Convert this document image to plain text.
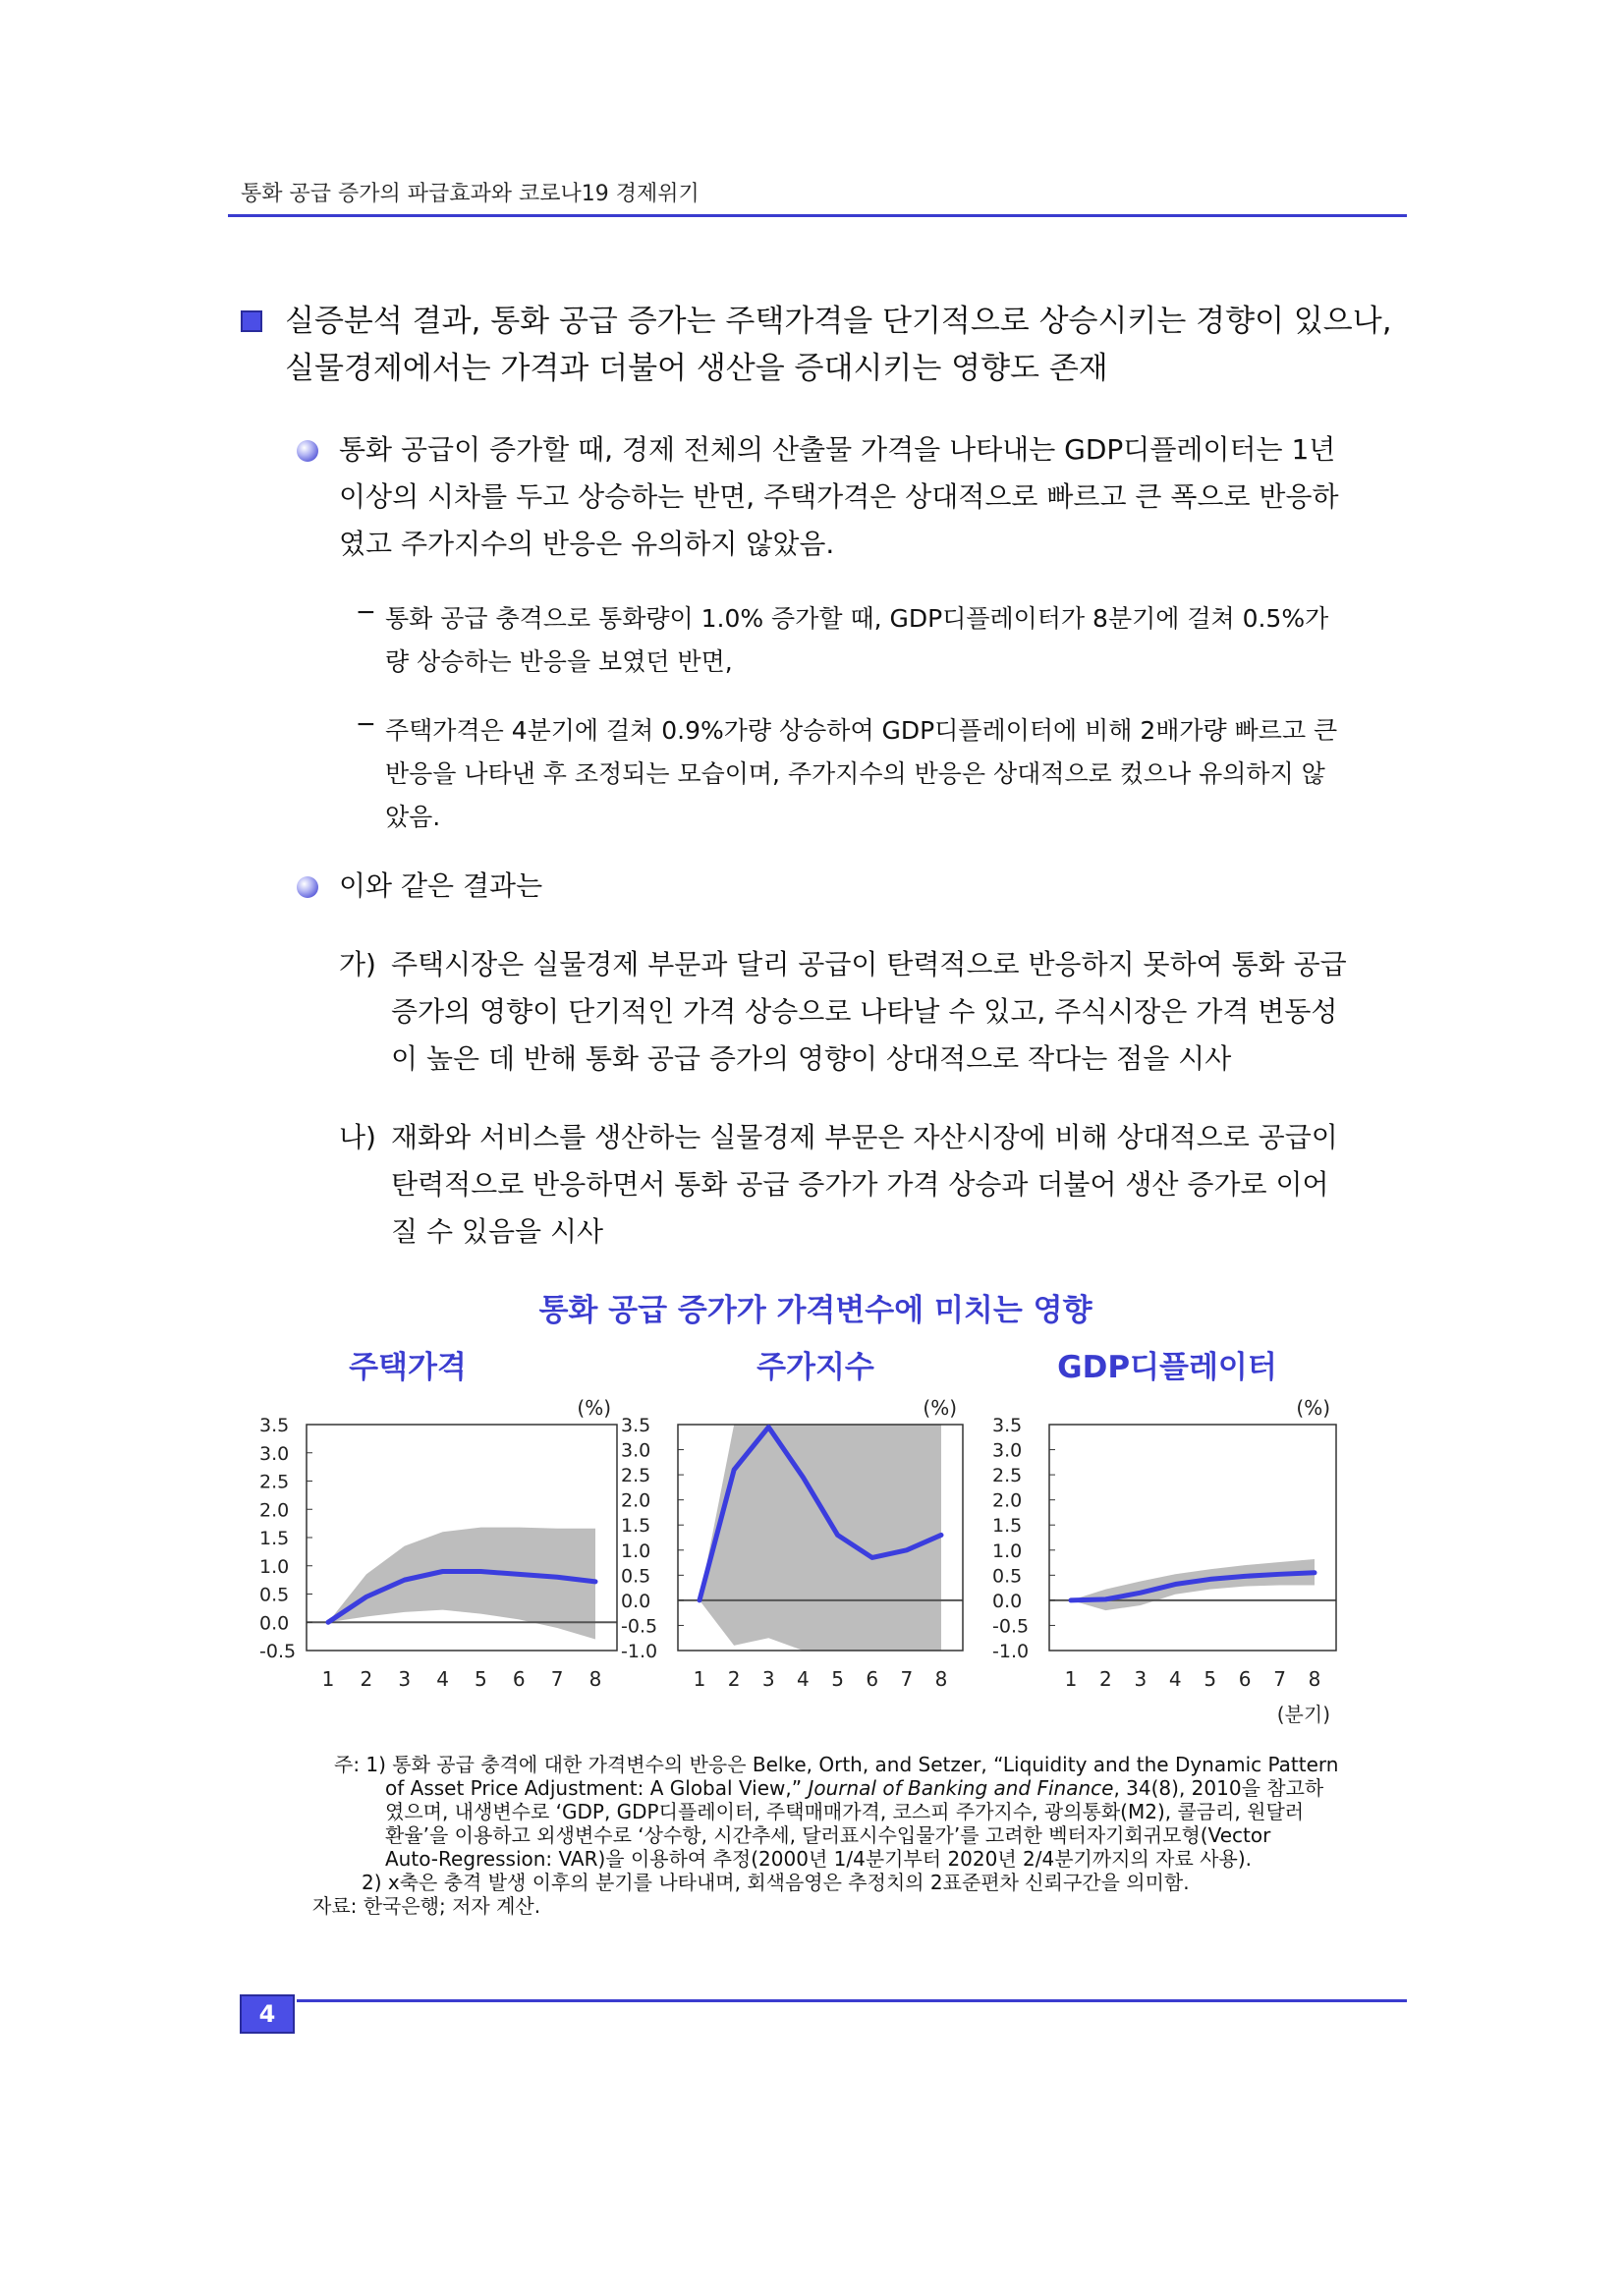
통화 공급 증가의 파급효과와 코로나19 경제위기
실증분석 결과, 통화 공급 증가는 주택가격을 단기적으로 상승시키는 경향이 있으나,
실물경제에서는 가격과 더불어 생산을 증대시키는 영향도 존재
통화 공급이 증가할 때, 경제 전체의 산출물 가격을 나타내는 GDP디플레이터는 1년
이상의 시차를 두고 상승하는 반면, 주택가격은 상대적으로 빠르고 큰 폭으로 반응하
였고 주가지수의 반응은 유의하지 않았음.
− 통화 공급 충격으로 통화량이 1.0% 증가할 때, GDP디플레이터가 8분기에 걸쳐 0.5%가
량 상승하는 반응을 보였던 반면,
− 주택가격은 4분기에 걸쳐 0.9%가량 상승하여 GDP디플레이터에 비해 2배가량 빠르고 큰
반응을 나타낸 후 조정되는 모습이며, 주가지수의 반응은 상대적으로 컸으나 유의하지 않
았음.
이와 같은 결과는
가) 주택시장은 실물경제 부문과 달리 공급이 탄력적으로 반응하지 못하여 통화 공급
증가의 영향이 단기적인 가격 상승으로 나타날 수 있고, 주식시장은 가격 변동성
이 높은 데 반해 통화 공급 증가의 영향이 상대적으로 작다는 점을 시사
나) 재화와 서비스를 생산하는 실물경제 부문은 자산시장에 비해 상대적으로 공급이
탄력적으로 반응하면서 통화 공급 증가가 가격 상승과 더불어 생산 증가로 이어
질 수 있음을 시사
통화 공급 증가가 가격변수에 미치는 영향
주택가격	주가지수	GDP디플레이터
3.5
3.0
2.5
2.0
1.5
1.0
0.5
0.0
-0.5
1 2 3 4 5 6 7 8
(%)
3.5
3.0
2.5
2.0
1.5
1.0
0.5
0.0
-0.5
-1.0
1 2 3 4 5 6 7 8
(%)
3.5
3.0
2.5
2.0
1.5
1.0
0.5
0.0
-0.5
-1.0
1 2 3 4 5 6 7 8
(%)
(분기)
주: 1) 통화 공급 충격에 대한 가격변수의 반응은 Belke, Orth, and Setzer, “Liquidity and the Dynamic Pattern
of Asset Price Adjustment: A Global View,” Journal of Banking and Finance, 34(8), 2010을 참고하
였으며, 내생변수로 ‘GDP, GDP디플레이터, 주택매매가격, 코스피 주가지수, 광의통화(M2), 콜금리, 원달러
환율’을 이용하고 외생변수로 ‘상수항, 시간추세, 달러표시수입물가’를 고려한 벡터자기회귀모형(Vector
Auto-Regression: VAR)을 이용하여 추정(2000년 1/4분기부터 2020년 2/4분기까지의 자료 사용).
2) x축은 충격 발생 이후의 분기를 나타내며, 회색음영은 추정치의 2표준편차 신뢰구간을 의미함.
자료: 한국은행; 저자 계산.
4
